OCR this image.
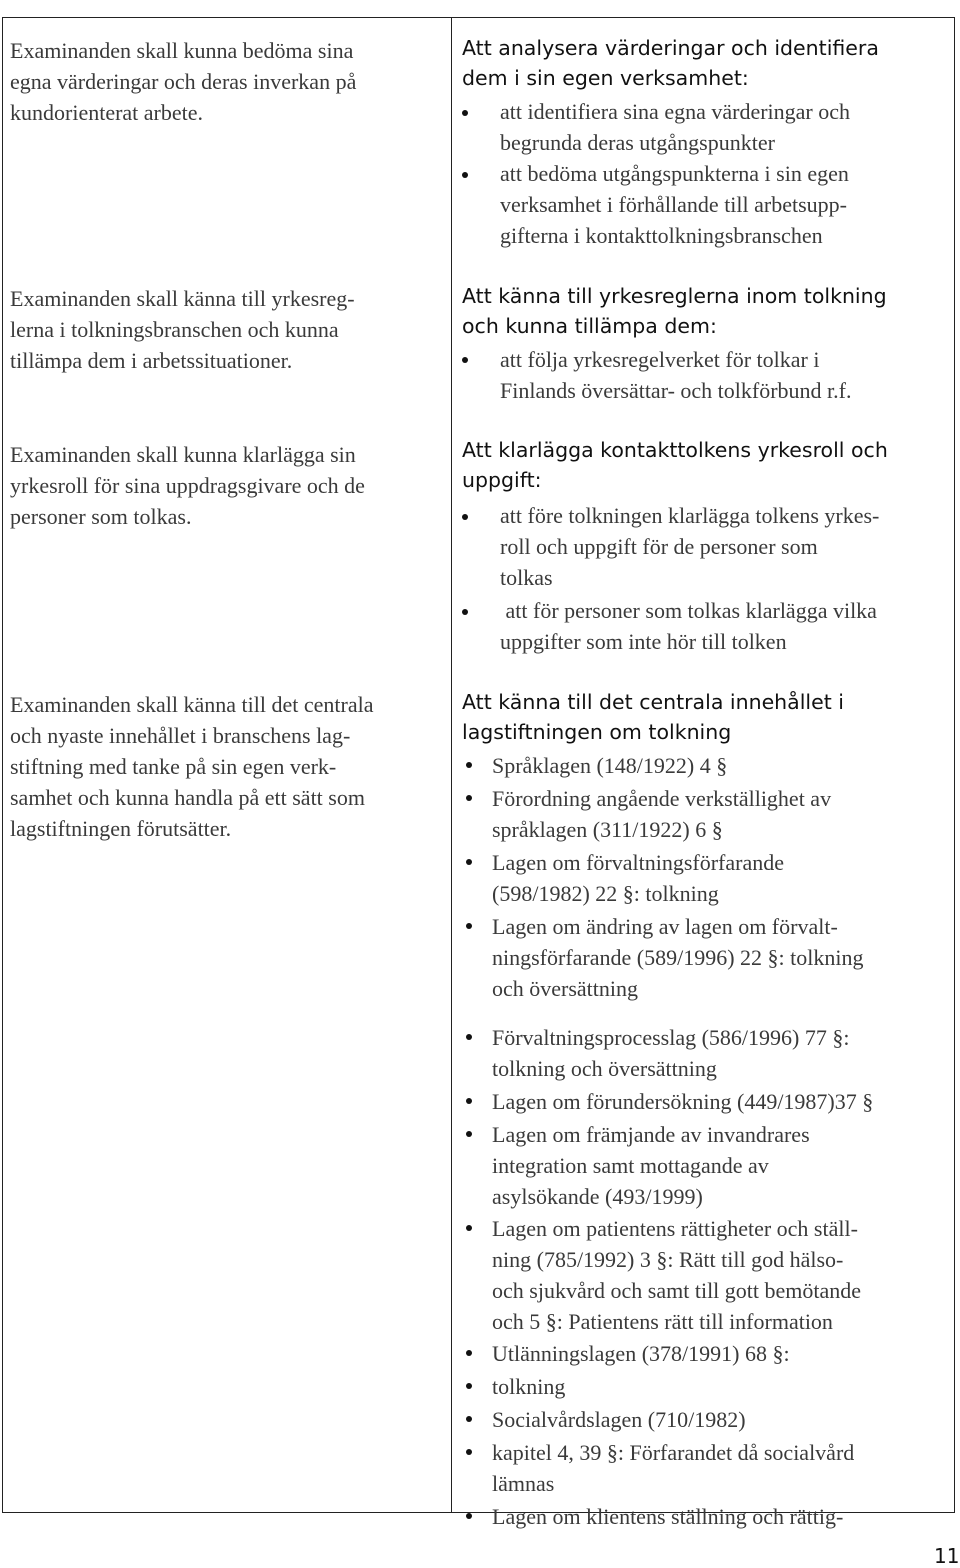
Examinanden skall kunna bedöma sina
egna värderingar och deras inverkan på
kundorienterat arbete.
Examinanden skall känna till yrkesreg-
lerna i tolkningsbranschen och kunna
tillämpa dem i arbetssituationer.
Examinanden skall kunna klarlägga sin
yrkesroll för sina uppdragsgivare och de
personer som tolkas.
Examinanden skall känna till det centrala
och nyaste innehållet i branschens lag-
stiftning med tanke på sin egen verk-
samhet och kunna handla på ett sätt som
lagstiftningen förutsätter.
Att analysera värderingar och identifiera
dem i sin egen verksamhet:
att identifiera sina egna värderingar och
begrunda deras utgångspunkter
att bedöma utgångspunkterna i sin egen
verksamhet i förhållande till arbetsupp-
gifterna i kontakttolkningsbranschen
Att känna till yrkesreglerna inom tolkning
och kunna tillämpa dem:
att följa yrkesregelverket för tolkar i
Finlands översättar- och tolkförbund r.f.
Att klarlägga kontakttolkens yrkesroll och
uppgift:
att före tolkningen klarlägga tolkens yrkes-
roll och uppgift för de personer som
tolkas
att för personer som tolkas klarlägga vilka
uppgifter som inte hör till tolken
Att känna till det centrala innehållet i
lagstiftningen om tolkning
Språklagen (148/1922) 4 §
Förordning angående verkställighet av
språklagen (311/1922) 6 §
Lagen om förvaltningsförfarande
(598/1982) 22 §: tolkning
Lagen om ändring av lagen om förvalt-
ningsförfarande (589/1996) 22 §: tolkning
och översättning
Förvaltningsprocesslag (586/1996) 77 §:
tolkning och översättning
Lagen om förundersökning (449/1987)37 §
Lagen om främjande av invandrares
integration samt mottagande av
asylsökande (493/1999)
Lagen om patientens rättigheter och ställ-
ning (785/1992) 3 §: Rätt till god hälso-
och sjukvård och samt till gott bemötande
och 5 §: Patientens rätt till information
Utlänningslagen (378/1991) 68 §:
tolkning
Socialvårdslagen (710/1982)
kapitel 4, 39 §: Förfarandet då socialvård
lämnas
Lagen om klientens ställning och rättig-
11
